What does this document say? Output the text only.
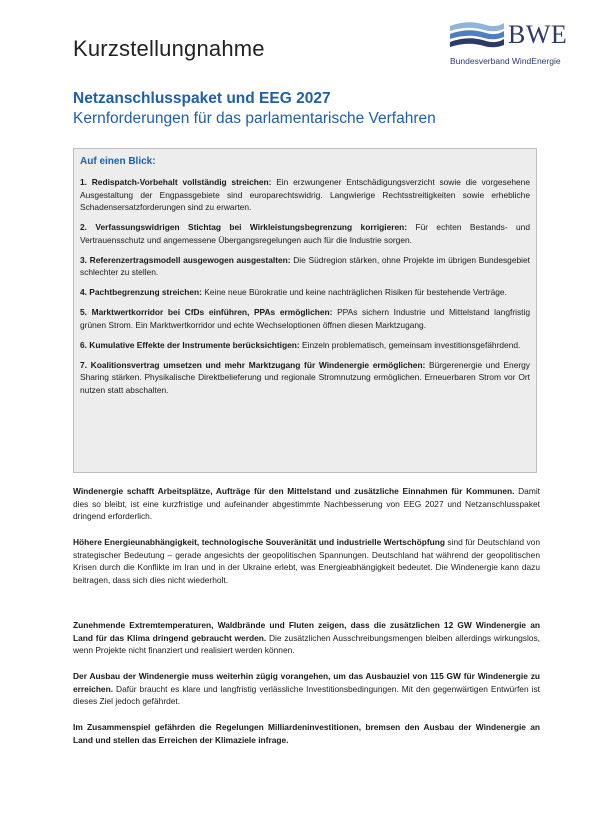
Kurzstellungnahme	BWE
Bundesverband WindEnergie
Netzanschlusspaket und EEG 2027
Kernforderungen für das parlamentarische Verfahren
Auf einen Blick:
1. Redispatch-Vorbehalt vollständig streichen: Ein erzwungener Entschädigungsverzicht sowie die vorgesehene Ausgestaltung der Engpassgebiete sind europarechtswidrig. Langwierige Rechtsstreitigkeiten sowie erhebliche Schadensersatzforderungen sind zu erwarten.
2. Verfassungswidrigen Stichtag bei Wirkleistungsbegrenzung korrigieren: Für echten Bestands- und Vertrauensschutz und angemessene Übergangsregelungen auch für die Industrie sorgen.
3. Referenzertragsmodell ausgewogen ausgestalten: Die Südregion stärken, ohne Projekte im übrigen Bundesgebiet schlechter zu stellen.
4. Pachtbegrenzung streichen: Keine neue Bürokratie und keine nachträglichen Risiken für bestehende Verträge.
5. Marktwertkorridor bei CfDs einführen, PPAs ermöglichen: PPAs sichern Industrie und Mittelstand langfristig grünen Strom. Ein Marktwertkorridor und echte Wechseloptionen öffnen diesen Marktzugang.
6. Kumulative Effekte der Instrumente berücksichtigen: Einzeln problematisch, gemeinsam investitionsgefährdend.
7. Koalitionsvertrag umsetzen und mehr Marktzugang für Windenergie ermöglichen: Bürgerenergie und Energy Sharing stärken. Physikalische Direktbelieferung und regionale Stromnutzung ermöglichen. Erneuerbaren Strom vor Ort nutzen statt abschalten.
Windenergie schafft Arbeitsplätze, Aufträge für den Mittelstand und zusätzliche Einnahmen für Kommunen. Damit dies so bleibt, ist eine kurzfristige und aufeinander abgestimmte Nachbesserung von EEG 2027 und Netzanschlusspaket dringend erforderlich.
Höhere Energieunabhängigkeit, technologische Souveränität und industrielle Wertschöpfung sind für Deutschland von strategischer Bedeutung – gerade angesichts der geopolitischen Spannungen. Deutschland hat während der geopolitischen Krisen durch die Konflikte im Iran und in der Ukraine erlebt, was Energieabhängigkeit bedeutet. Die Windenergie kann dazu beitragen, dass sich dies nicht wiederholt.
Zunehmende Extremtemperaturen, Waldbrände und Fluten zeigen, dass die zusätzlichen 12 GW Windenergie an Land für das Klima dringend gebraucht werden. Die zusätzlichen Ausschreibungsmengen bleiben allerdings wirkungslos, wenn Projekte nicht finanziert und realisiert werden können.
Der Ausbau der Windenergie muss weiterhin zügig vorangehen, um das Ausbauziel von 115 GW für Windenergie zu erreichen. Dafür braucht es klare und langfristig verlässliche Investitionsbedingungen. Mit den gegenwärtigen Entwürfen ist dieses Ziel jedoch gefährdet.
Im Zusammenspiel gefährden die Regelungen Milliardeninvestitionen, bremsen den Ausbau der Windenergie an Land und stellen das Erreichen der Klimaziele infrage.
